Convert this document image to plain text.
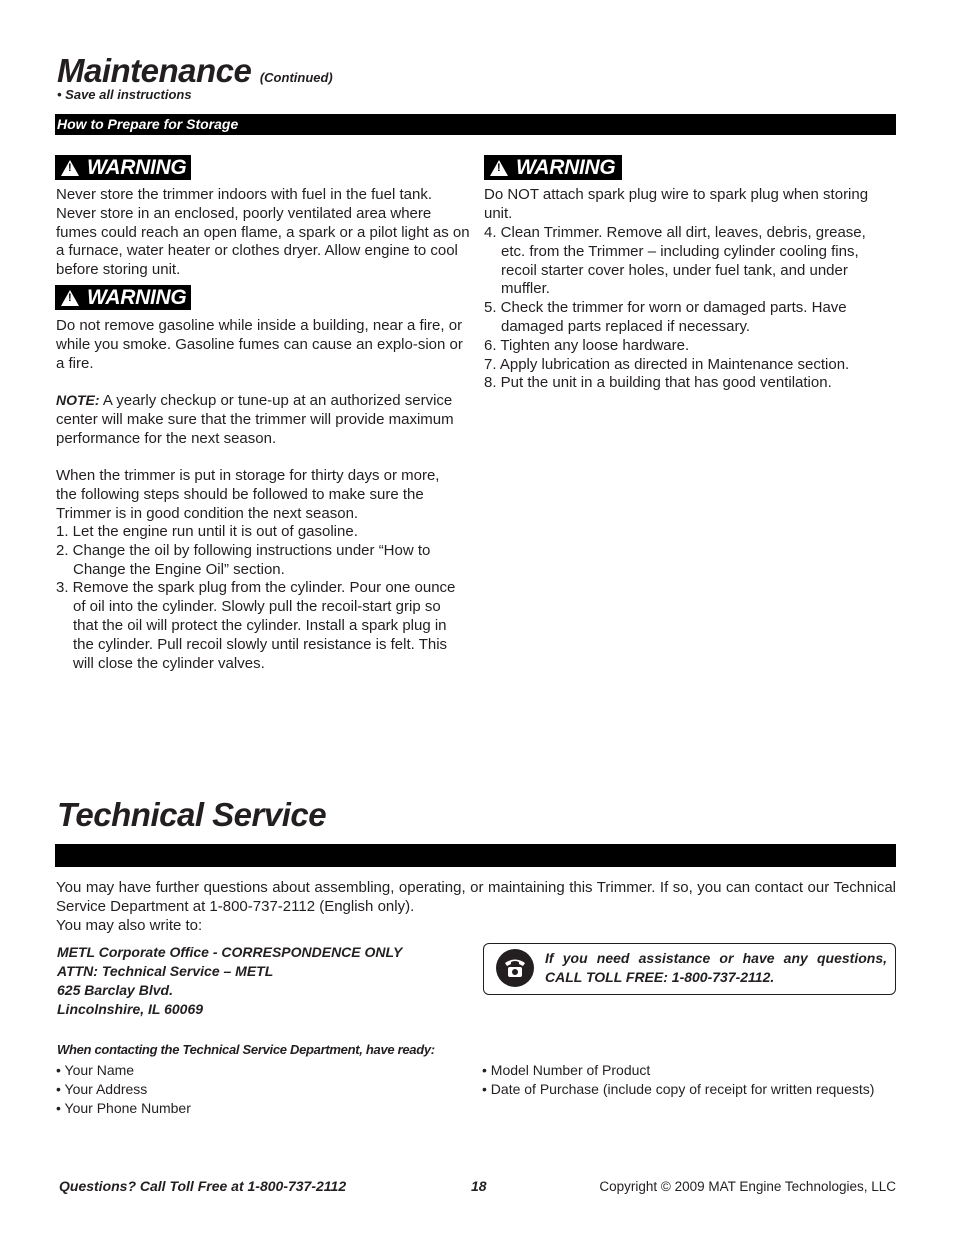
Maintenance (Continued)
• Save all instructions
How to Prepare for Storage
!
WARNING
Never store the trimmer indoors with fuel in the fuel tank. Never store in an enclosed, poorly ventilated area where fumes could reach an open flame, a spark or a pilot light as on a furnace, water heater or clothes dryer. Allow engine to cool before storing unit.
!
WARNING
Do not remove gasoline while inside a building, near a fire, or while you smoke. Gasoline fumes can cause an explo-sion or a fire.
NOTE: A yearly checkup or tune-up at an authorized service center will make sure that the trimmer will provide maximum performance for the next season.
When the trimmer is put in storage for thirty days or more, the following steps should be followed to make sure the Trimmer is in good condition the next season.

1. Let the engine run until it is out of gasoline.

2. Change the oil by following instructions under “How to Change the Engine Oil” section.

3. Remove the spark plug from the cylinder. Pour one ounce of oil into the cylinder. Slowly pull the recoil-start grip so that the oil will protect the cylinder. Install a spark plug in the cylinder. Pull recoil slowly until resistance is felt. This will close the cylinder valves.

!
WARNING
Do NOT attach spark plug wire to spark plug when storing unit.

4. Clean Trimmer. Remove all dirt, leaves, debris, grease, etc. from the Trimmer – including cylinder cooling fins, recoil starter cover holes, under fuel tank, and under muffler.

5. Check the trimmer for worn or damaged parts. Have damaged parts replaced if necessary.

6. Tighten any loose hardware.

7. Apply lubrication as directed in Maintenance section.

8. Put the unit in a building that has good ventilation.

Technical Service
You may have further questions about assembling, operating, or maintaining this Trimmer. If so, you can contact our Technical Service Department at 1-800-737-2112 (English only).
You may also write to:
METL Corporate Office - CORRESPONDENCE ONLY
ATTN: Technical Service – METL
625 Barclay Blvd.
Lincolnshire, IL 60069
If you need assistance or have any questions, CALL TOLL FREE: 1-800-737-2112.
When contacting the Technical Service Department, have ready:
• Your Name
• Your Address
• Your Phone Number
• Model Number of Product
• Date of Purchase (include copy of receipt for written requests)
Questions? Call Toll Free at 1-800-737-2112	18	Copyright © 2009 MAT Engine Technologies, LLC
